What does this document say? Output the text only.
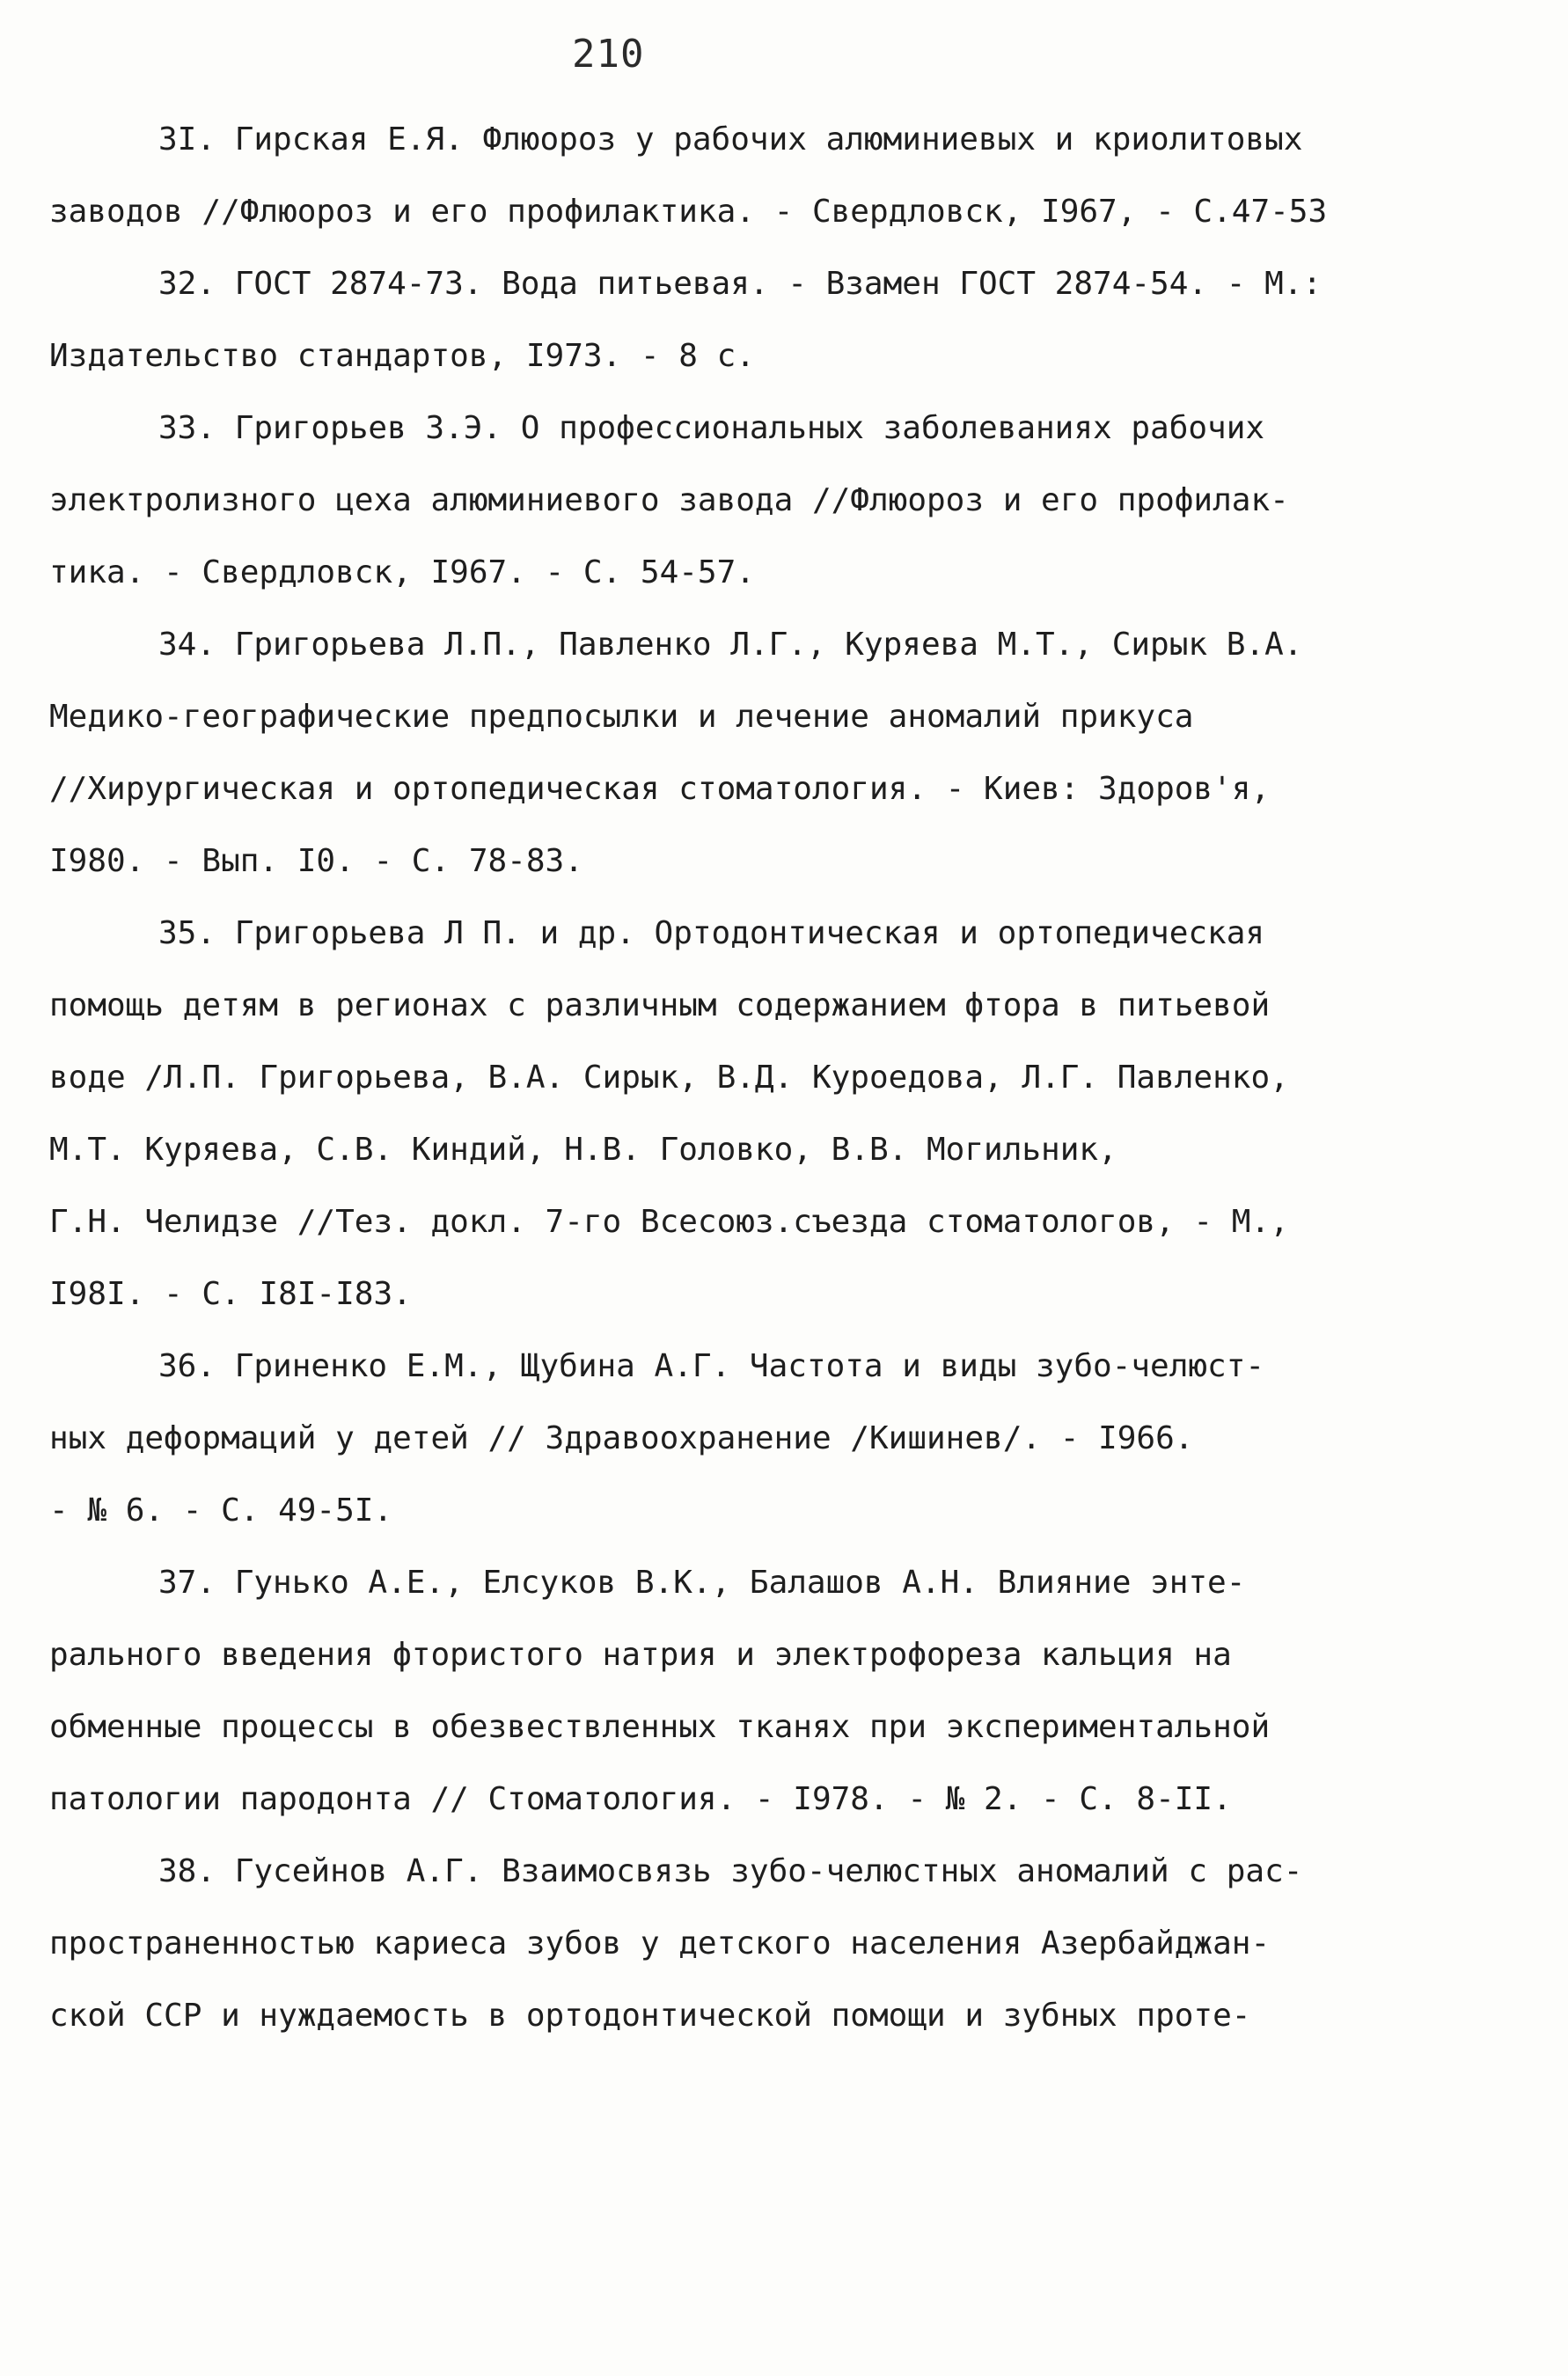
210
3I. Гирская Е.Я. Флюороз у рабочих алюминиевых и криолитовых
заводов //Флюороз и его профилактика. - Свердловск, I967, - С.47-53
32. ГОСТ 2874-73. Вода питьевая. - Взамен ГОСТ 2874-54. - М.:
Издательство стандартов, I973. - 8 с.
33. Григорьев З.Э. О профессиональных заболеваниях рабочих
электролизного цеха алюминиевого завода //Флюороз и его профилак-
тика. - Свердловск, I967. - С. 54-57.
34. Григорьева Л.П., Павленко Л.Г., Куряева М.Т., Сирык В.А.
Медико-географические предпосылки и лечение аномалий прикуса
//Хирургическая и ортопедическая стоматология. - Киев: Здоров'я,
I980. - Вып. I0. - С. 78-83.
35. Григорьева Л П. и др. Ортодонтическая и ортопедическая
помощь детям в регионах с различным содержанием фтора в питьевой
воде /Л.П. Григорьева, В.А. Сирык, В.Д. Куроедова, Л.Г. Павленко,
М.Т. Куряева, С.В. Киндий, Н.В. Головко, В.В. Могильник,
Г.Н. Челидзе //Тез. докл. 7-го Всесоюз.съезда стоматологов, - М.,
I98I. - С. I8I-I83.
36. Гриненко Е.М., Щубина А.Г. Частота и виды зубо-челюст-
ных деформаций у детей // Здравоохранение /Кишинев/. - I966.
- № 6. - С. 49-5I.
37. Гунько А.Е., Елсуков В.К., Балашов А.Н. Влияние энте-
рального введения фтористого натрия и электрофореза кальция на
обменные процессы в обезвествленных тканях при экспериментальной
патологии пародонта // Стоматология. - I978. - № 2. - С. 8-II.
38. Гусейнов А.Г. Взаимосвязь зубо-челюстных аномалий с рас-
пространенностью кариеса зубов у детского населения Азербайджан-
ской ССР и нуждаемость в ортодонтической помощи и зубных проте-
